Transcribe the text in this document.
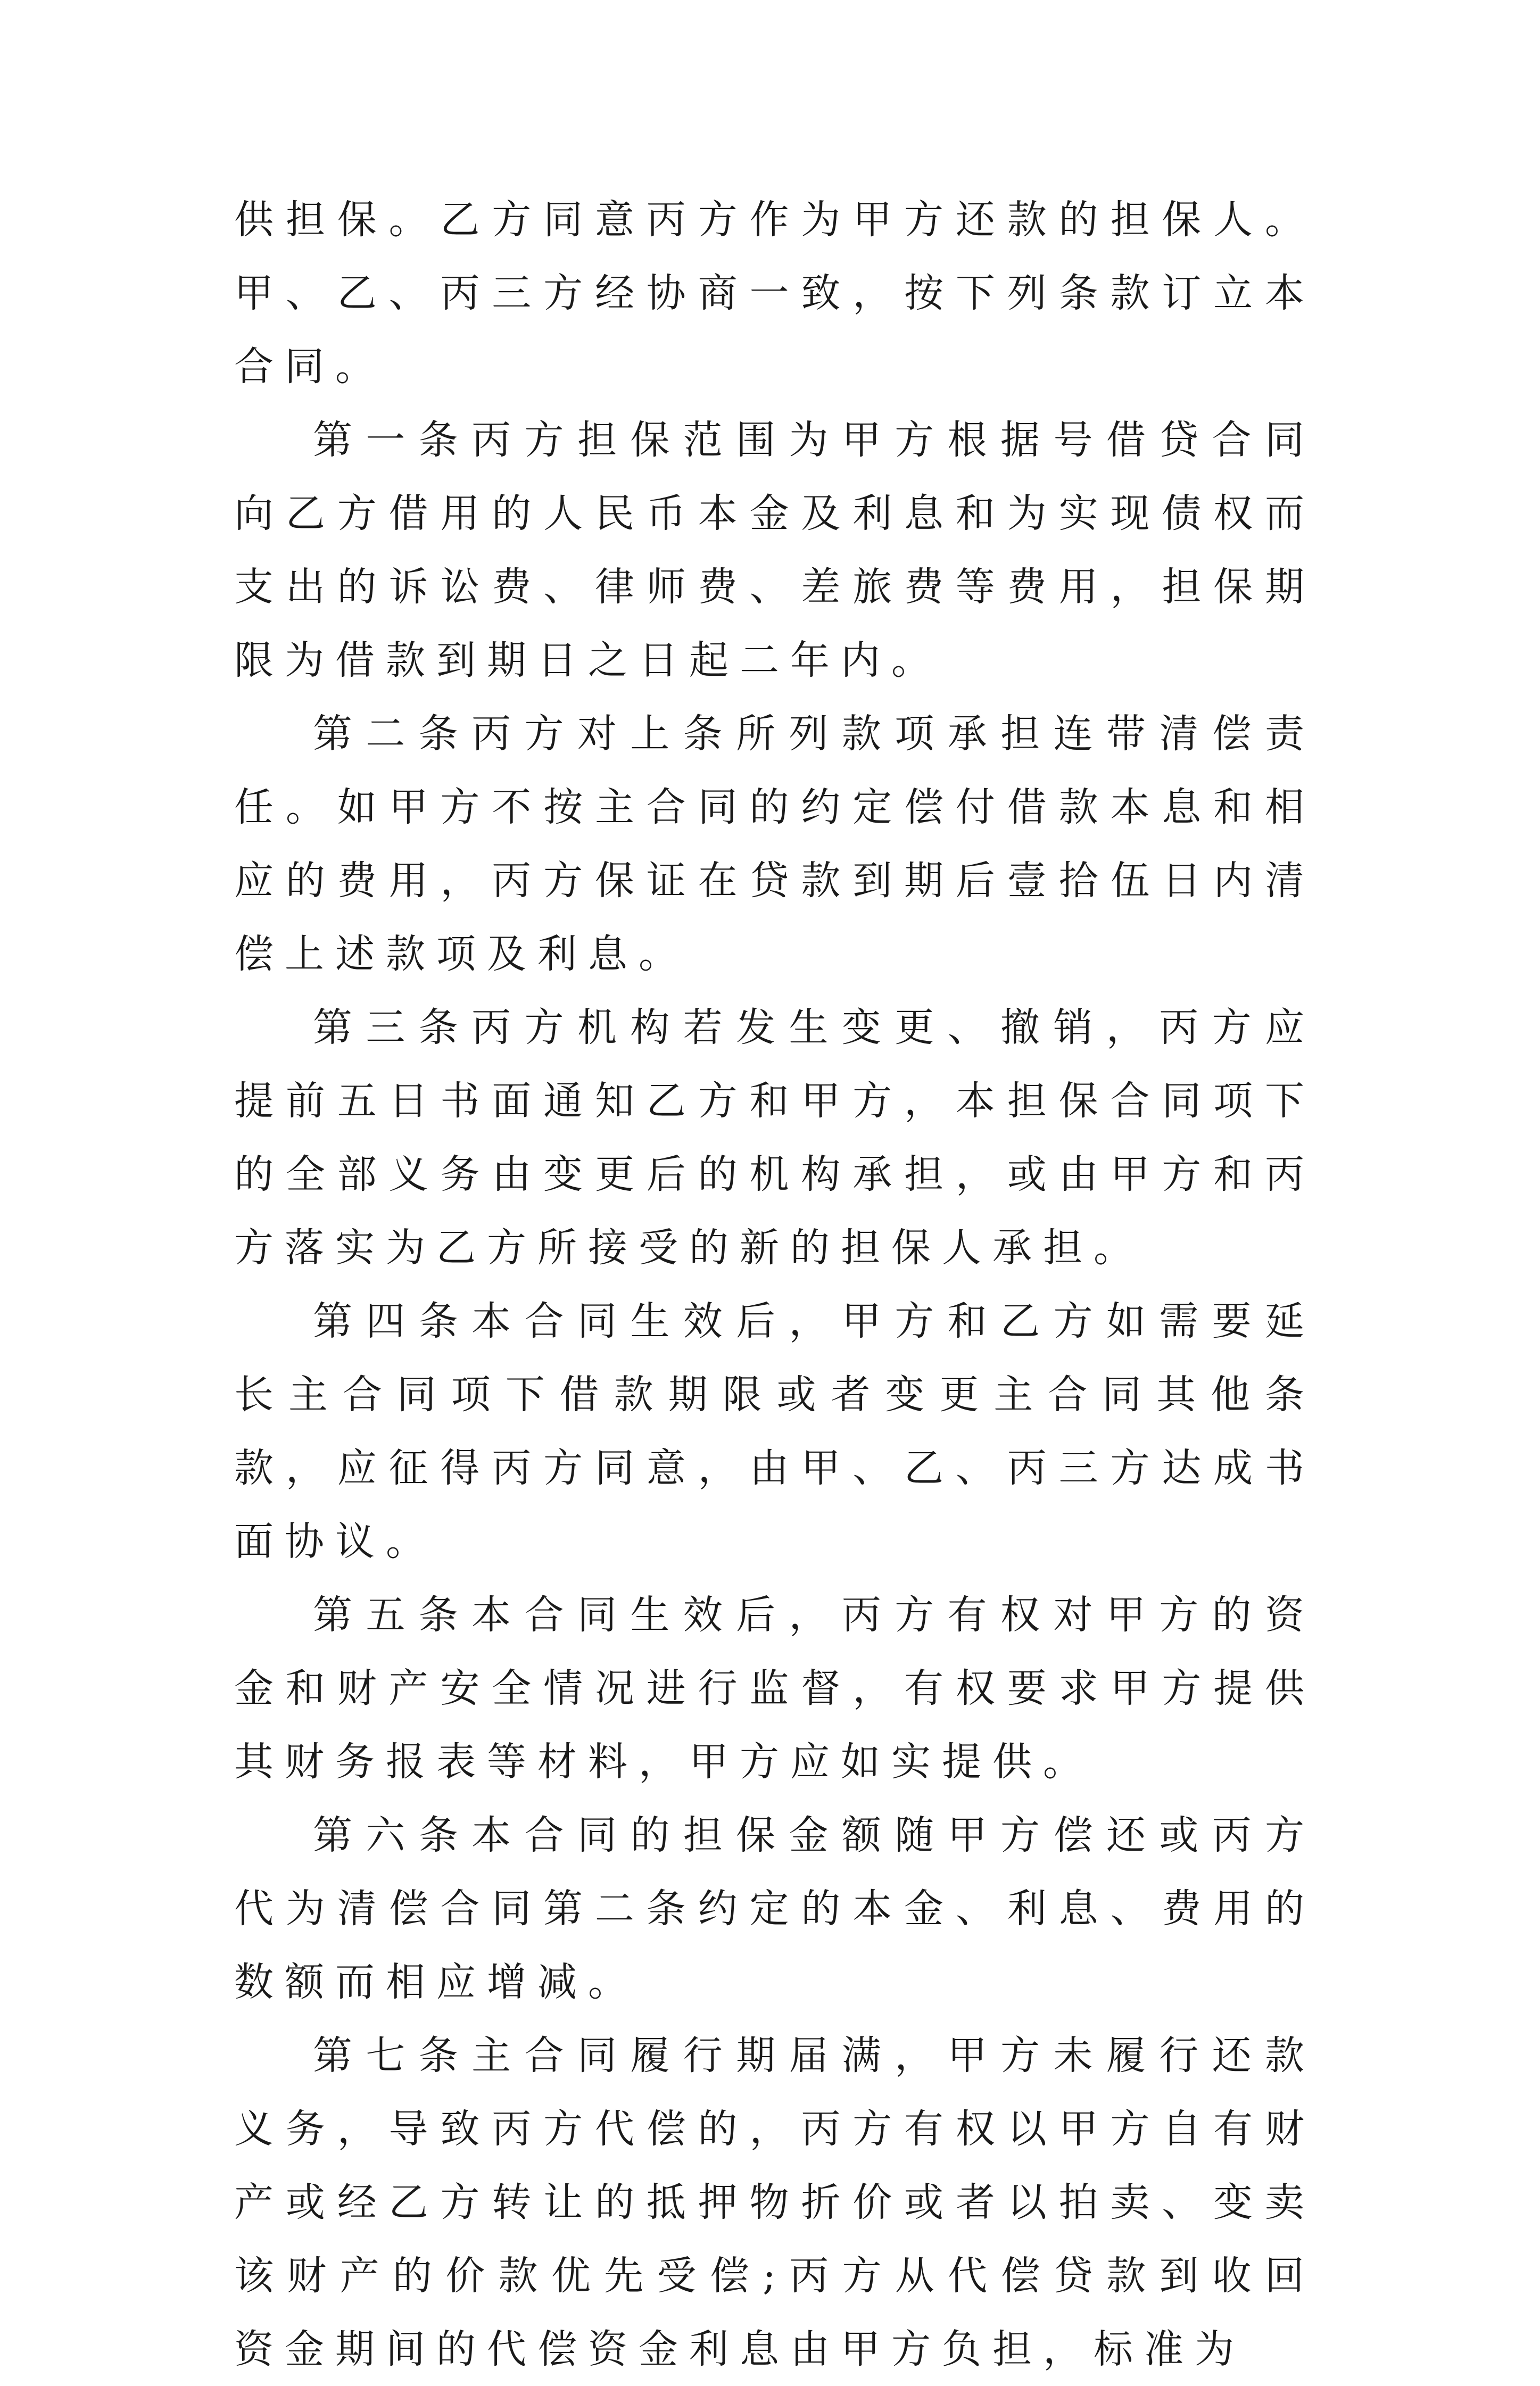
供担保。乙方同意丙方作为甲方还款的担保人。甲、乙、丙三方经协商一致，按下列条款订立本合同。

第一条丙方担保范围为甲方根据号借贷合同向乙方借用的人民币本金及利息和为实现债权而支出的诉讼费、律师费、差旅费等费用，担保期限为借款到期日之日起二年内。

第二条丙方对上条所列款项承担连带清偿责任。如甲方不按主合同的约定偿付借款本息和相应的费用，丙方保证在贷款到期后壹拾伍日内清偿上述款项及利息。

第三条丙方机构若发生变更、撤销，丙方应提前五日书面通知乙方和甲方，本担保合同项下的全部义务由变更后的机构承担，或由甲方和丙方落实为乙方所接受的新的担保人承担。

第四条本合同生效后，甲方和乙方如需要延长主合同项下借款期限或者变更主合同其他条款，应征得丙方同意，由甲、乙、丙三方达成书面协议。

第五条本合同生效后，丙方有权对甲方的资金和财产安全情况进行监督，有权要求甲方提供其财务报表等材料，甲方应如实提供。

第六条本合同的担保金额随甲方偿还或丙方代为清偿合同第二条约定的本金、利息、费用的数额而相应增减。

第七条主合同履行期届满，甲方未履行还款义务，导致丙方代偿的，丙方有权以甲方自有财产或经乙方转让的抵押物折价或者以拍卖、变卖该财产的价款优先受偿;丙方从代偿贷款到收回资金期间的代偿资金利息由甲方负担，标准为
